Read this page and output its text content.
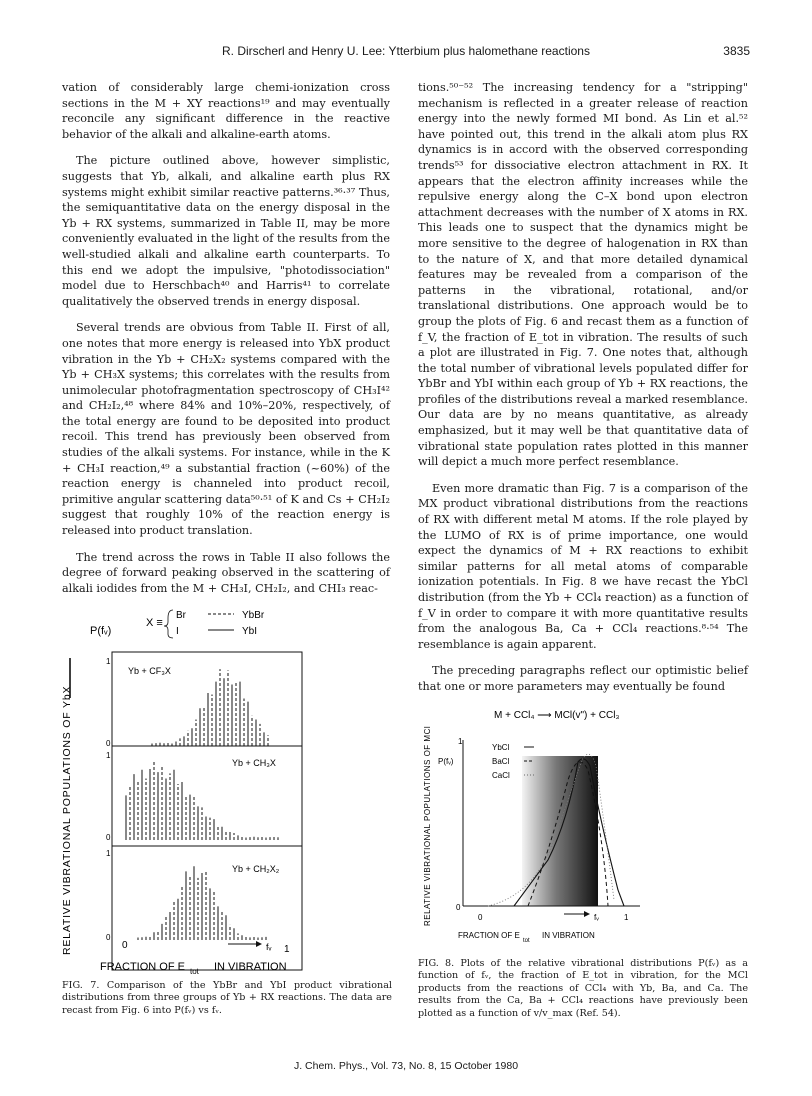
R. Dirscherl and Henry U. Lee: Ytterbium plus halomethane reactions	3835

vation of considerably large chemi-ionization cross sections in the M + XY reactions¹⁹ and may eventually reconcile any significant difference in the reactive behavior of the alkali and alkaline-earth atoms.

The picture outlined above, however simplistic, suggests that Yb, alkali, and alkaline earth plus RX systems might exhibit similar reactive patterns.³⁶·³⁷ Thus, the semiquantitative data on the energy disposal in the Yb + RX systems, summarized in Table II, may be more conveniently evaluated in the light of the results from the well-studied alkali and alkaline earth counterparts. To this end we adopt the impulsive, "photodissociation" model due to Herschbach⁴⁰ and Harris⁴¹ to correlate qualitatively the observed trends in energy disposal.

Several trends are obvious from Table II. First of all, one notes that more energy is released into YbX product vibration in the Yb + CH₂X₂ systems compared with the Yb + CH₃X systems; this correlates with the results from unimolecular photofragmentation spectroscopy of CH₃I⁴² and CH₂I₂,⁴⁸ where 84% and 10%–20%, respectively, of the total energy are found to be deposited into product recoil. This trend has previously been observed from studies of the alkali systems. For instance, while in the K + CH₃I reaction,⁴⁹ a substantial fraction (~60%) of the reaction energy is channeled into product recoil, primitive angular scattering data⁵⁰·⁵¹ of K and Cs + CH₂I₂ suggest that roughly 10% of the reaction energy is released into product translation.

The trend across the rows in Table II also follows the degree of forward peaking observed in the scattering of alkali iodides from the M + CH₃I, CH₂I₂, and CHI₃ reac-

tions.⁵⁰⁻⁵² The increasing tendency for a "stripping" mechanism is reflected in a greater release of reaction energy into the newly formed MI bond. As Lin et al.⁵² have pointed out, this trend in the alkali atom plus RX dynamics is in accord with the observed corresponding trends⁵³ for dissociative electron attachment in RX. It appears that the electron affinity increases while the repulsive energy along the C–X bond upon electron attachment decreases with the number of X atoms in RX. This leads one to suspect that the dynamics might be more sensitive to the degree of halogenation in RX than to the nature of X, and that more detailed dynamical features may be revealed from a comparison of the patterns in the vibrational, rotational, and/or translational distributions. One approach would be to group the plots of Fig. 6 and recast them as a function of f_V, the fraction of E_tot in vibration. The results of such a plot are illustrated in Fig. 7. One notes that, although the total number of vibrational levels populated differ for YbBr and YbI within each group of Yb + RX reactions, the profiles of the distributions reveal a marked resemblance. Our data are by no means quantitative, as already emphasized, but it may well be that quantitative data of vibrational state population rates plotted in this manner will depict a much more perfect resemblance.

Even more dramatic than Fig. 7 is a comparison of the MX product vibrational distributions from the reactions of RX with different metal M atoms. If the role played by the LUMO of RX is of prime importance, one would expect the dynamics of M + RX reactions to exhibit similar patterns for all metal atoms of comparable ionization potentials. In Fig. 8 we have recast the YbCl distribution (from the Yb + CCl₄ reaction) as a function of f_V in order to compare it with more quantitative results from the analogous Ba, Ca + CCl₄ reactions.⁸·⁵⁴ The resemblance is again apparent.

The preceding paragraphs reflect our optimistic belief that one or more parameters may eventually be found

P(fᵥ)
X ≡
Br
I
YbBr
YbI
RELATIVE VIBRATIONAL POPULATIONS OF YbX
1
0
1
0
1
0
Yb + CF₃X
Yb + CH₃X
Yb + CH₂X₂
0	1
fᵥ
FRACTION OF E tot IN VIBRATION
FIG. 7. Comparison of the YbBr and YbI product vibrational distributions from three groups of Yb + RX reactions. The data are recast from Fig. 6 into P(fᵥ) vs fᵥ.
M + CCl₄ ⟶ MCl(v") + CCl₃
RELATIVE VIBRATIONAL POPULATIONS OF MCl P(fᵥ)
1
0
YbCl
BaCl
CaCl
0	1
fᵥ
FRACTION OF E
tot
IN VIBRATION
FIG. 8. Plots of the relative vibrational distributions P(fᵥ) as a function of fᵥ, the fraction of E_tot in vibration, for the MCl products from the reactions of CCl₄ with Yb, Ba, and Ca. The results from the Ca, Ba + CCl₄ reactions have previously been plotted as a function of v/v_max (Ref. 54).
J. Chem. Phys., Vol. 73, No. 8, 15 October 1980
